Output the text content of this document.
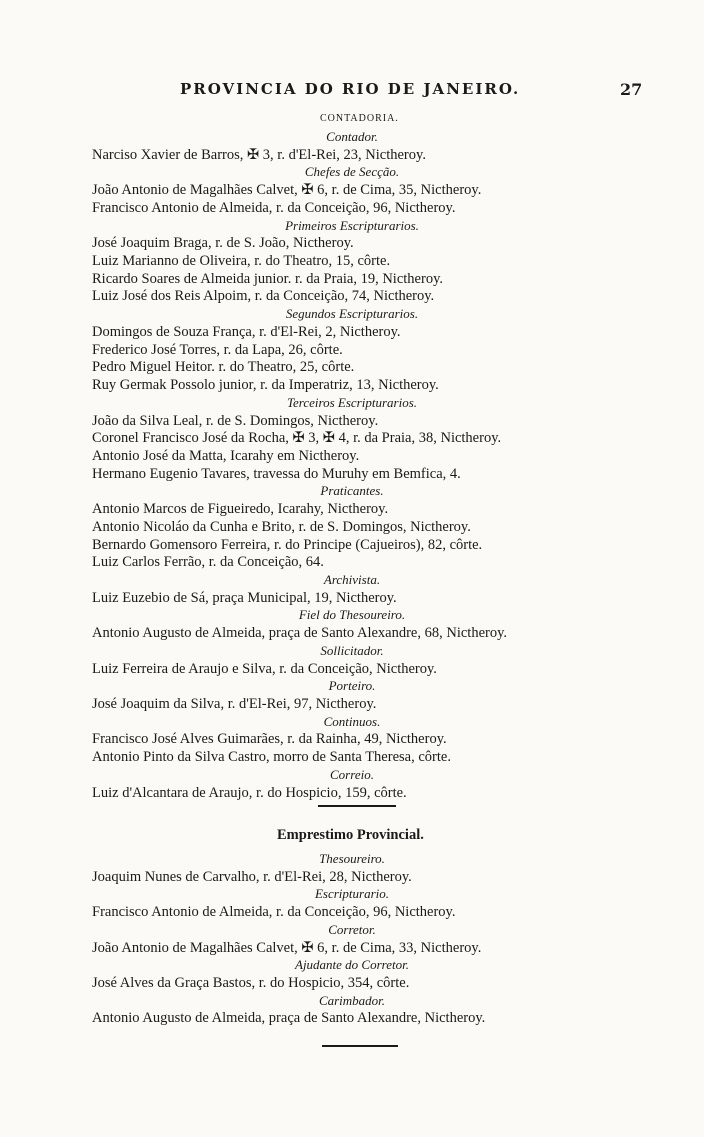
PROVINCIA DO RIO DE JANEIRO.	27
CONTADORIA.
Contador.
Narciso Xavier de Barros, ✠ 3, r. d'El-Rei, 23, Nictheroy.
Chefes de Secção.
João Antonio de Magalhães Calvet, ✠ 6, r. de Cima, 35, Nictheroy.
Francisco Antonio de Almeida, r. da Conceição, 96, Nictheroy.
Primeiros Escripturarios.
José Joaquim Braga, r. de S. João, Nictheroy.
Luiz Marianno de Oliveira, r. do Theatro, 15, côrte.
Ricardo Soares de Almeida junior. r. da Praia, 19, Nictheroy.
Luiz José dos Reis Alpoim, r. da Conceição, 74, Nictheroy.
Segundos Escripturarios.
Domingos de Souza França, r. d'El-Rei, 2, Nictheroy.
Frederico José Torres, r. da Lapa, 26, côrte.
Pedro Miguel Heitor. r. do Theatro, 25, côrte.
Ruy Germak Possolo junior, r. da Imperatriz, 13, Nictheroy.
Terceiros Escripturarios.
João da Silva Leal, r. de S. Domingos, Nictheroy.
Coronel Francisco José da Rocha, ✠ 3, ✠ 4, r. da Praia, 38, Nictheroy.
Antonio José da Matta, Icarahy em Nictheroy.
Hermano Eugenio Tavares, travessa do Muruhy em Bemfica, 4.
Praticantes.
Antonio Marcos de Figueiredo, Icarahy, Nictheroy.
Antonio Nicoláo da Cunha e Brito, r. de S. Domingos, Nictheroy.
Bernardo Gomensoro Ferreira, r. do Principe (Cajueiros), 82, côrte.
Luiz Carlos Ferrão, r. da Conceição, 64.
Archivista.
Luiz Euzebio de Sá, praça Municipal, 19, Nictheroy.
Fiel do Thesoureiro.
Antonio Augusto de Almeida, praça de Santo Alexandre, 68, Nictheroy.
Sollicitador.
Luiz Ferreira de Araujo e Silva, r. da Conceição, Nictheroy.
Porteiro.
José Joaquim da Silva, r. d'El-Rei, 97, Nictheroy.
Continuos.
Francisco José Alves Guimarães, r. da Rainha, 49, Nictheroy.
Antonio Pinto da Silva Castro, morro de Santa Theresa, côrte.
Correio.
Luiz d'Alcantara de Araujo, r. do Hospicio, 159, côrte.
Emprestimo Provincial.
Thesoureiro.
Joaquim Nunes de Carvalho, r. d'El-Rei, 28, Nictheroy.
Escripturario.
Francisco Antonio de Almeida, r. da Conceição, 96, Nictheroy.
Corretor.
João Antonio de Magalhães Calvet, ✠ 6, r. de Cima, 33, Nictheroy.
Ajudante do Corretor.
José Alves da Graça Bastos, r. do Hospicio, 354, côrte.
Carimbador.
Antonio Augusto de Almeida, praça de Santo Alexandre, Nictheroy.
